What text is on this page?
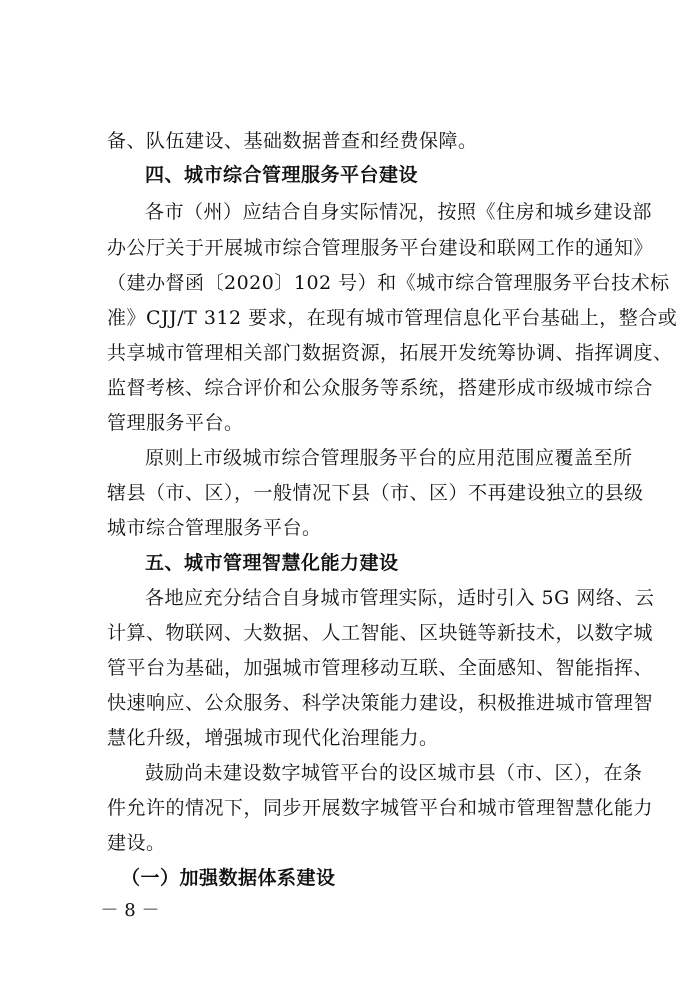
备、队伍建设、基础数据普查和经费保障。
四、城市综合管理服务平台建设
各市（州）应结合自身实际情况，按照《住房和城乡建设部
办公厅关于开展城市综合管理服务平台建设和联网工作的通知》
（建办督函〔2020〕102 号）和《城市综合管理服务平台技术标
准》CJJ/T 312 要求，在现有城市管理信息化平台基础上，整合或
共享城市管理相关部门数据资源，拓展开发统筹协调、指挥调度、
监督考核、综合评价和公众服务等系统，搭建形成市级城市综合
管理服务平台。
原则上市级城市综合管理服务平台的应用范围应覆盖至所
辖县（市、区），一般情况下县（市、区）不再建设独立的县级
城市综合管理服务平台。
五、城市管理智慧化能力建设
各地应充分结合自身城市管理实际，适时引入 5G 网络、云
计算、物联网、大数据、人工智能、区块链等新技术，以数字城
管平台为基础，加强城市管理移动互联、全面感知、智能指挥、
快速响应、公众服务、科学决策能力建设，积极推进城市管理智
慧化升级，增强城市现代化治理能力。
鼓励尚未建设数字城管平台的设区城市县（市、区），在条
件允许的情况下，同步开展数字城管平台和城市管理智慧化能力
建设。
（一）加强数据体系建设
－ 8 －
